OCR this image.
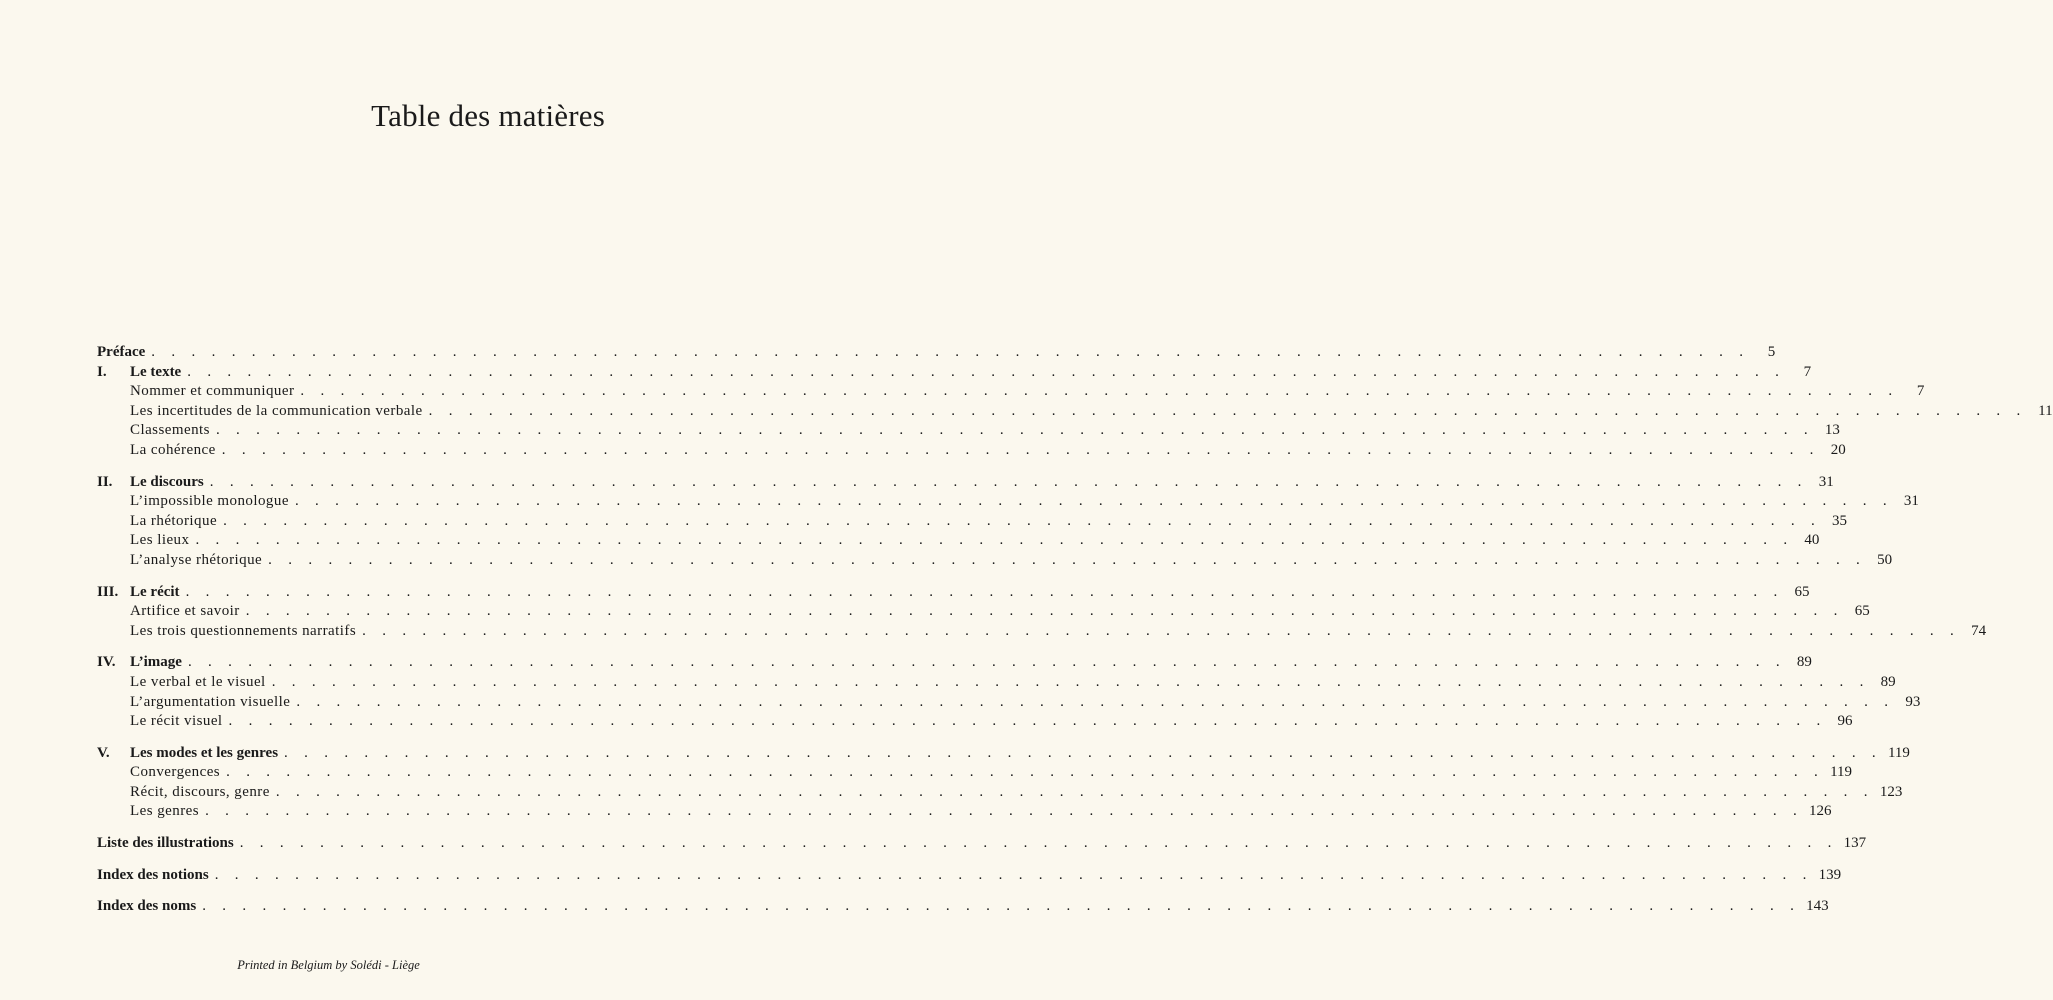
Table des matières
Préface . . . . . . . . . . . . . . . . . . . . . . . . . . . . . . . . . . . . . . . . . . . . . . . . . . . . . . . . . . . . . . . . . . . . . . . . . . . . . . . .	5
I.	Le texte . . . . . . . . . . . . . . . . . . . . . . . . . . . . . . . . . . . . . . . . . . . . . . . . . . . . . . . . . . . . . . . . . . . . . . . . . . . . . . . .	7
Nommer et communiquer . . . . . . . . . . . . . . . . . . . . . . . . . . . . . . . . . . . . . . . . . . . . . . . . . . . . . . . . . . . . . . . . . . . . . . . . . . . . . . . .	7
Les incertitudes de la communication verbale . . . . . . . . . . . . . . . . . . . . . . . . . . . . . . . . . . . . . . . . . . . . . . . . . . . . . . . . . . . . . . . . . . . . . . . . . . . . . . . . 11
Classements . . . . . . . . . . . . . . . . . . . . . . . . . . . . . . . . . . . . . . . . . . . . . . . . . . . . . . . . . . . . . . . . . . . . . . . . . . . . . . . . 13
La cohérence . . . . . . . . . . . . . . . . . . . . . . . . . . . . . . . . . . . . . . . . . . . . . . . . . . . . . . . . . . . . . . . . . . . . . . . . . . . . . . . . 20
II.	Le discours . . . . . . . . . . . . . . . . . . . . . . . . . . . . . . . . . . . . . . . . . . . . . . . . . . . . . . . . . . . . . . . . . . . . . . . . . . . . . . . . 31
L’impossible monologue . . . . . . . . . . . . . . . . . . . . . . . . . . . . . . . . . . . . . . . . . . . . . . . . . . . . . . . . . . . . . . . . . . . . . . . . . . . . . . . . 31
La rhétorique . . . . . . . . . . . . . . . . . . . . . . . . . . . . . . . . . . . . . . . . . . . . . . . . . . . . . . . . . . . . . . . . . . . . . . . . . . . . . . . . 35
Les lieux . . . . . . . . . . . . . . . . . . . . . . . . . . . . . . . . . . . . . . . . . . . . . . . . . . . . . . . . . . . . . . . . . . . . . . . . . . . . . . . . 40
L’analyse rhétorique . . . . . . . . . . . . . . . . . . . . . . . . . . . . . . . . . . . . . . . . . . . . . . . . . . . . . . . . . . . . . . . . . . . . . . . . . . . . . . . . 50
III. Le récit . . . . . . . . . . . . . . . . . . . . . . . . . . . . . . . . . . . . . . . . . . . . . . . . . . . . . . . . . . . . . . . . . . . . . . . . . . . . . . . . 65
Artifice et savoir . . . . . . . . . . . . . . . . . . . . . . . . . . . . . . . . . . . . . . . . . . . . . . . . . . . . . . . . . . . . . . . . . . . . . . . . . . . . . . . . 65
Les trois questionnements narratifs . . . . . . . . . . . . . . . . . . . . . . . . . . . . . . . . . . . . . . . . . . . . . . . . . . . . . . . . . . . . . . . . . . . . . . . . . . . . . . . . 74
IV. L’image . . . . . . . . . . . . . . . . . . . . . . . . . . . . . . . . . . . . . . . . . . . . . . . . . . . . . . . . . . . . . . . . . . . . . . . . . . . . . . . . 89
Le verbal et le visuel . . . . . . . . . . . . . . . . . . . . . . . . . . . . . . . . . . . . . . . . . . . . . . . . . . . . . . . . . . . . . . . . . . . . . . . . . . . . . . . . 89
L’argumentation visuelle . . . . . . . . . . . . . . . . . . . . . . . . . . . . . . . . . . . . . . . . . . . . . . . . . . . . . . . . . . . . . . . . . . . . . . . . . . . . . . . . 93
Le récit visuel . . . . . . . . . . . . . . . . . . . . . . . . . . . . . . . . . . . . . . . . . . . . . . . . . . . . . . . . . . . . . . . . . . . . . . . . . . . . . . . . 96
V.	Les modes et les genres . . . . . . . . . . . . . . . . . . . . . . . . . . . . . . . . . . . . . . . . . . . . . . . . . . . . . . . . . . . . . . . . . . . . . . . . . . . . . . . . 119
Convergences . . . . . . . . . . . . . . . . . . . . . . . . . . . . . . . . . . . . . . . . . . . . . . . . . . . . . . . . . . . . . . . . . . . . . . . . . . . . . . . . 119
Récit, discours, genre . . . . . . . . . . . . . . . . . . . . . . . . . . . . . . . . . . . . . . . . . . . . . . . . . . . . . . . . . . . . . . . . . . . . . . . . . . . . . . . . 123
Les genres . . . . . . . . . . . . . . . . . . . . . . . . . . . . . . . . . . . . . . . . . . . . . . . . . . . . . . . . . . . . . . . . . . . . . . . . . . . . . . . . 126
Liste des illustrations . . . . . . . . . . . . . . . . . . . . . . . . . . . . . . . . . . . . . . . . . . . . . . . . . . . . . . . . . . . . . . . . . . . . . . . . . . . . . . . . 137
Index des notions . . . . . . . . . . . . . . . . . . . . . . . . . . . . . . . . . . . . . . . . . . . . . . . . . . . . . . . . . . . . . . . . . . . . . . . . . . . . . . . . 139
Index des noms . . . . . . . . . . . . . . . . . . . . . . . . . . . . . . . . . . . . . . . . . . . . . . . . . . . . . . . . . . . . . . . . . . . . . . . . . . . . . . . . 143
Printed in Belgium by Solédi - Liège
